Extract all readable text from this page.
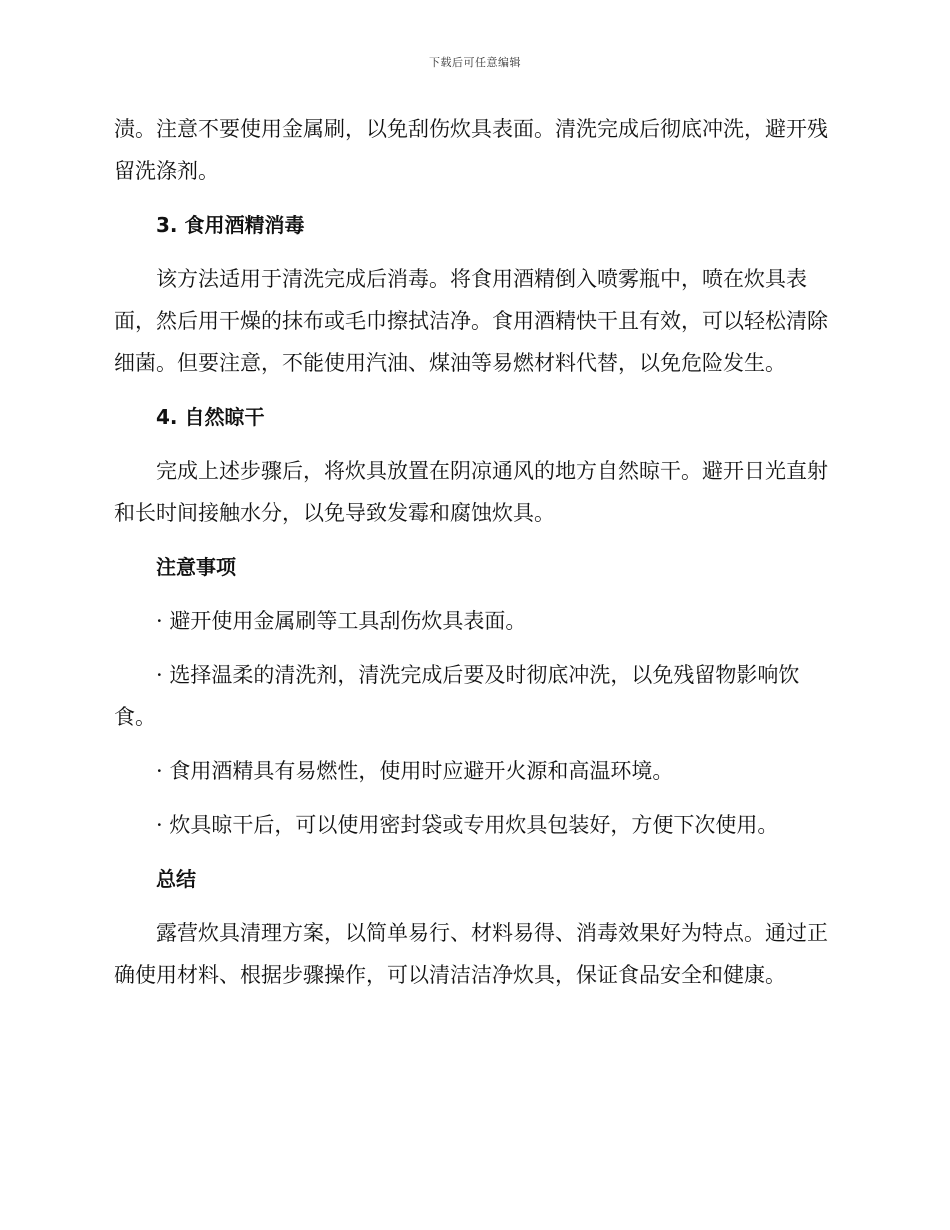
下载后可任意编辑

渍。注意不要使用金属刷，以免刮伤炊具表面。清洗完成后彻底冲洗，避开残留洗涤剂。

3. 食用酒精消毒

该方法适用于清洗完成后消毒。将食用酒精倒入喷雾瓶中，喷在炊具表面，然后用干燥的抹布或毛巾擦拭洁净。食用酒精快干且有效，可以轻松清除细菌。但要注意，不能使用汽油、煤油等易燃材料代替，以免危险发生。

4. 自然晾干

完成上述步骤后，将炊具放置在阴凉通风的地方自然晾干。避开日光直射和长时间接触水分，以免导致发霉和腐蚀炊具。

注意事项

· 避开使用金属刷等工具刮伤炊具表面。

· 选择温柔的清洗剂，清洗完成后要及时彻底冲洗，以免残留物影响饮食。

· 食用酒精具有易燃性，使用时应避开火源和高温环境。

· 炊具晾干后，可以使用密封袋或专用炊具包装好，方便下次使用。

总结

露营炊具清理方案，以简单易行、材料易得、消毒效果好为特点。通过正确使用材料、根据步骤操作，可以清洁洁净炊具，保证食品安全和健康。
